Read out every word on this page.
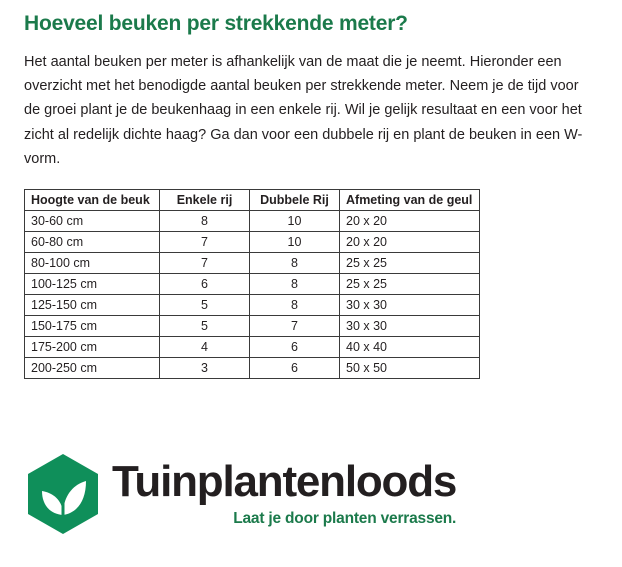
Hoeveel beuken per strekkende meter?

Het aantal beuken per meter is afhankelijk van de maat die je neemt. Hieronder een overzicht met het benodigde aantal beuken per strekkende meter. Neem je de tijd voor de groei plant je de beukenhaag in een enkele rij. Wil je gelijk resultaat en een voor het zicht al redelijk dichte haag? Ga dan voor een dubbele rij en plant de beuken in een W-vorm.

Hoogte van de beuk	Enkele rij	Dubbele Rij	Afmeting van de geul
30-60 cm	8	10	20 x 20
60-80 cm	7	10	20 x 20
80-100 cm	7	8	25 x 25
100-125 cm	6	8	25 x 25
125-150 cm	5	8	30 x 30
150-175 cm	5	7	30 x 30
175-200 cm	4	6	40 x 40
200-250 cm	3	6	50 x 50
Tuinplantenloods
Laat je door planten verrassen.
